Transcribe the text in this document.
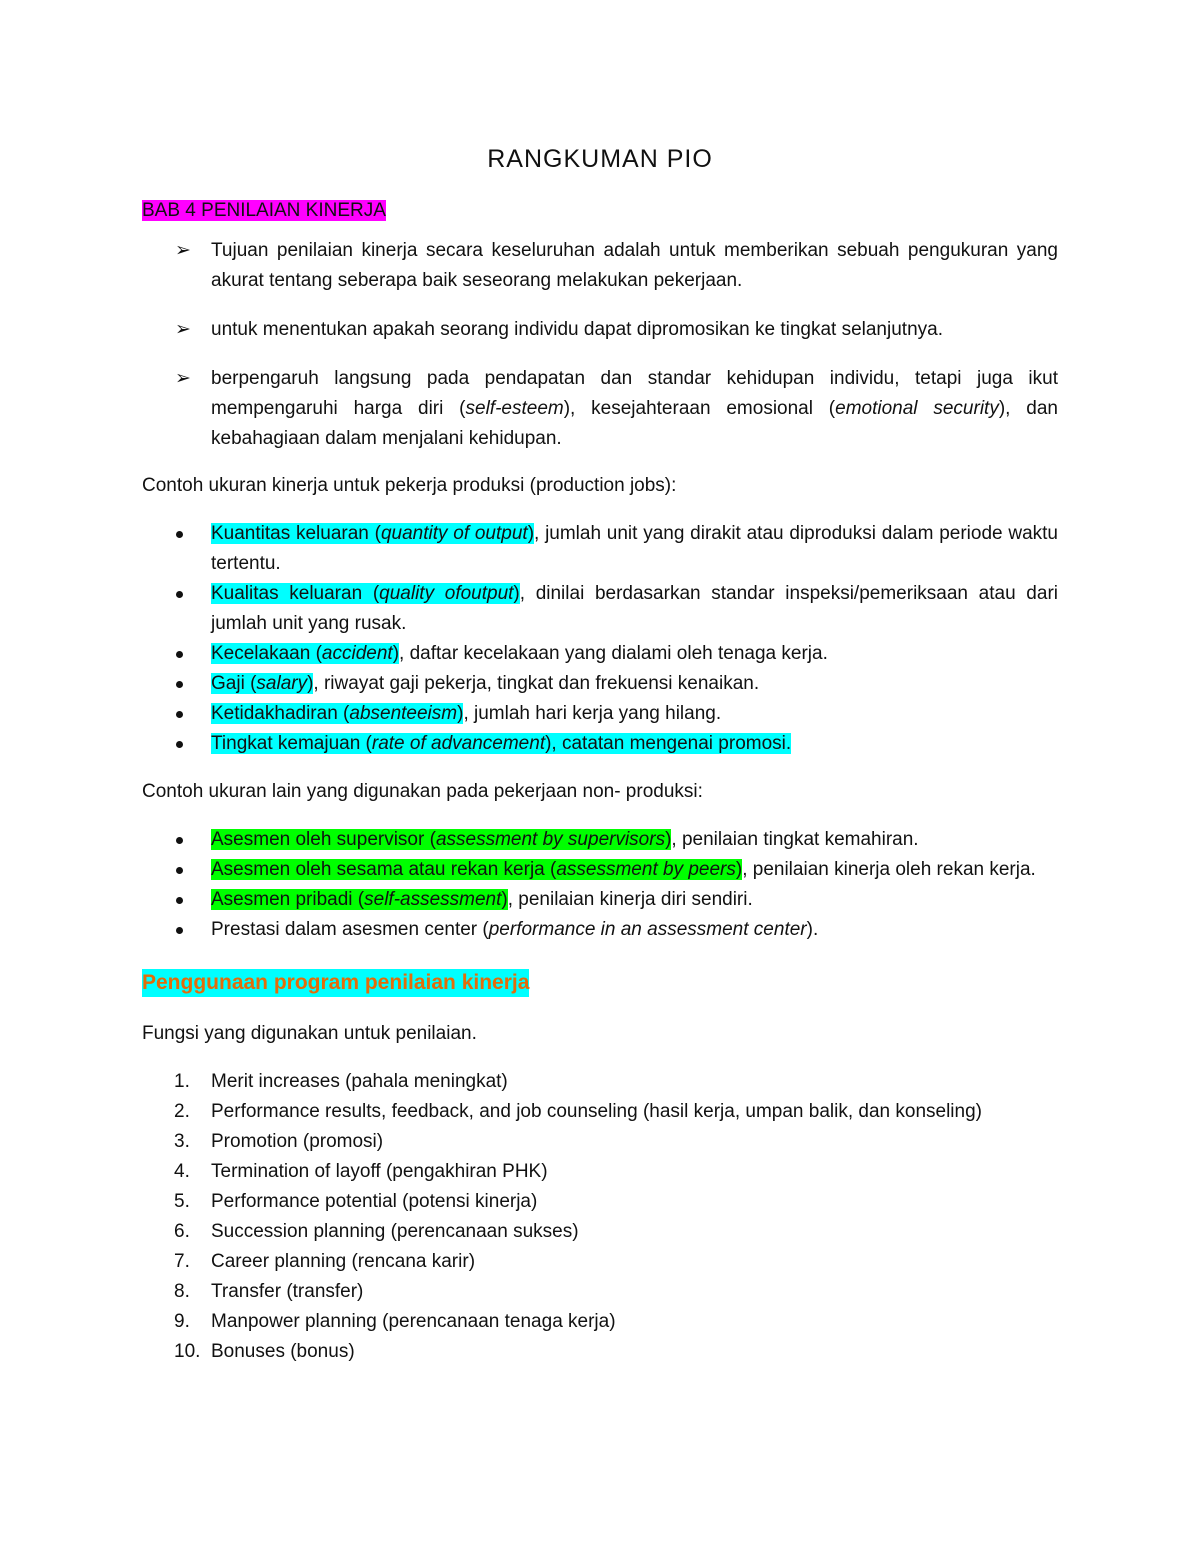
RANGKUMAN PIO
BAB 4 PENILAIAN KINERJA
➢ Tujuan penilaian kinerja secara keseluruhan adalah untuk memberikan sebuah pengukuran yang akurat tentang seberapa baik seseorang melakukan pekerjaan.
➢ untuk menentukan apakah seorang individu dapat dipromosikan ke tingkat selanjutnya.
➢ berpengaruh langsung pada pendapatan dan standar kehidupan individu, tetapi juga ikut mempengaruhi harga diri (self-esteem), kesejahteraan emosional (emotional security), dan kebahagiaan dalam menjalani kehidupan.

Contoh ukuran kinerja untuk pekerja produksi (production jobs):

Kuantitas keluaran (quantity of output), jumlah unit yang dirakit atau diproduksi dalam periode waktu tertentu.
Kualitas keluaran (quality ofoutput), dinilai berdasarkan standar inspeksi/pemeriksaan atau dari jumlah unit yang rusak.
Kecelakaan (accident), daftar kecelakaan yang dialami oleh tenaga kerja.
Gaji (salary), riwayat gaji pekerja, tingkat dan frekuensi kenaikan.
Ketidakhadiran (absenteeism), jumlah hari kerja yang hilang.
Tingkat kemajuan (rate of advancement), catatan mengenai promosi.

Contoh ukuran lain yang digunakan pada pekerjaan non- produksi:

Asesmen oleh supervisor (assessment by supervisors), penilaian tingkat kemahiran.
Asesmen oleh sesama atau rekan kerja (assessment by peers), penilaian kinerja oleh rekan kerja.
Asesmen pribadi (self-assessment), penilaian kinerja diri sendiri.
Prestasi dalam asesmen center (performance in an assessment center).
Penggunaan program penilaian kinerja

Fungsi yang digunakan untuk penilaian.

1. Merit increases (pahala meningkat)
2. Performance results, feedback, and job counseling (hasil kerja, umpan balik, dan konseling)
3. Promotion (promosi)
4. Termination of layoff (pengakhiran PHK)
5. Performance potential (potensi kinerja)
6. Succession planning (perencanaan sukses)
7. Career planning (rencana karir)
8. Transfer (transfer)
9. Manpower planning (perencanaan tenaga kerja)
10. Bonuses (bonus)
